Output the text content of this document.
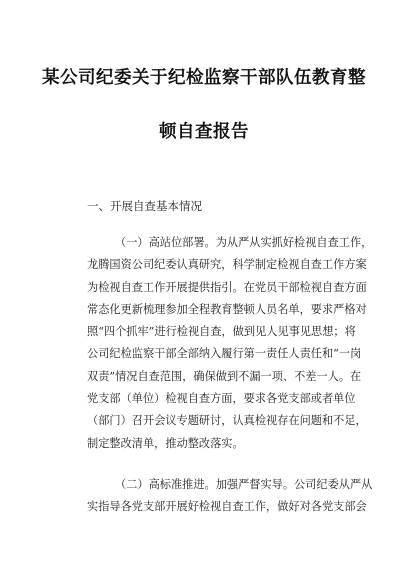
某公司纪委关于纪检监察干部队伍教育整
顿自查报告
一、开展自查基本情况
（一）高站位部署。为从严从实抓好检视自查工作，
龙腾国资公司纪委认真研究，科学制定检视自查工作方案
为检视自查工作开展提供指引。在党员干部检视自查方面
常态化更新梳理参加全程教育整顿人员名单，要求严格对
照“四个抓牢”进行检视自查，做到见人见事见思想；将
公司纪检监察干部全部纳入履行第一责任人责任和“一岗
双责”情况自查范围，确保做到不漏一项、不差一人。在
党支部（单位）检视自查方面，要求各党支部或者单位
（部门）召开会议专题研讨，认真检视存在问题和不足，
制定整改清单，推动整改落实。
（二）高标准推进。加强严督实导。公司纪委从严从
实指导各党支部开展好检视自查工作，做好对各党支部会
